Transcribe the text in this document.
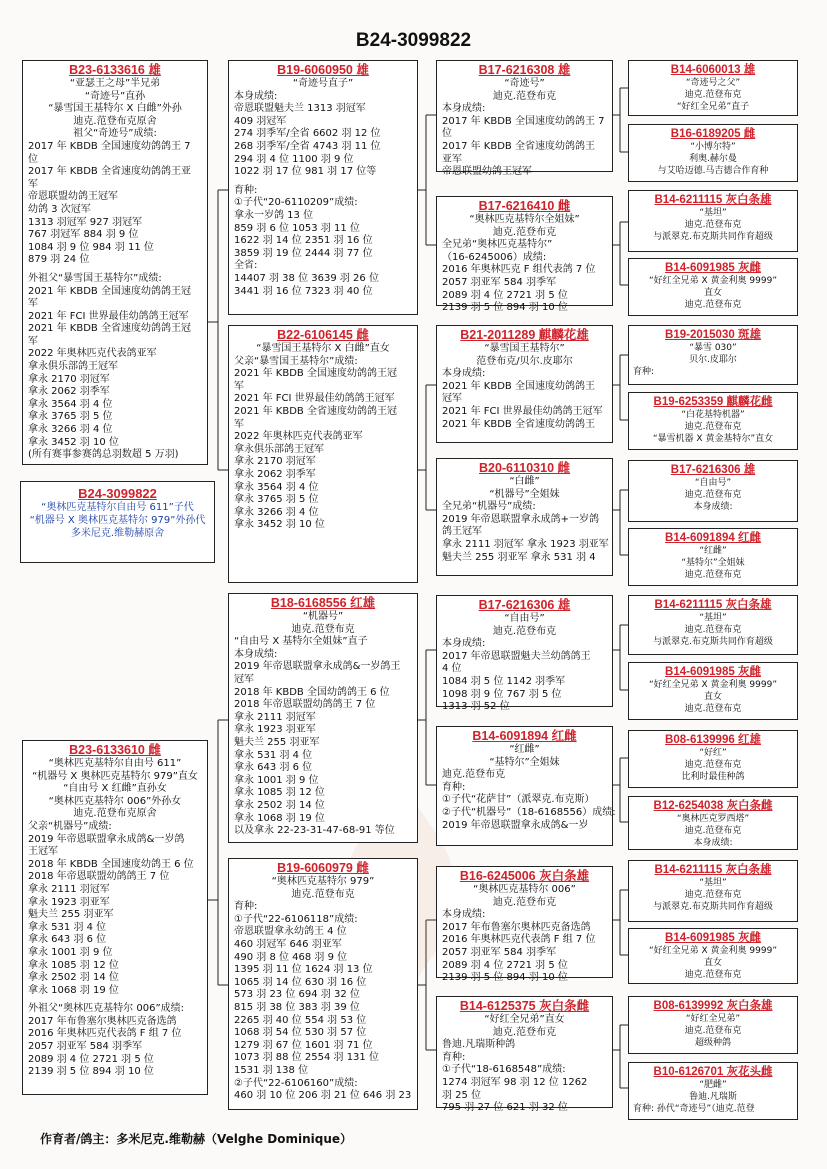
B24-3099822
B24-3099822
“奥林匹克基特尔自由号 611”子代
“机器号 X 奥林匹克基特尔 979”外孙代
多米尼克.维勒赫原舍
B23-6133616 雄
“亚瑟王之母”半兄弟
“奇迹号”直孙
“暴雪国王基特尔 X 白雌”外孙
迪克.范登布克原舍
祖父“奇迹号”成绩:
2017 年 KBDB 全国速度幼鸽鸽王 7
位
2017 年 KBDB 全省速度幼鸽鸽王亚
军
帝恩联盟幼鸽王冠军
幼鸽 3 次冠军
1313 羽冠军 927 羽冠军
767 羽冠军 884 羽 9 位
1084 羽 9 位 984 羽 11 位
879 羽 24 位
外祖父“暴雪国王基特尔”成绩:
2021 年 KBDB 全国速度幼鸽鸽王冠
军
2021 年 FCI 世界最佳幼鸽鸽王冠军
2021 年 KBDB 全省速度幼鸽鸽王冠
军
2022 年奥林匹克代表鸽亚军
拿永俱乐部鸽王冠军
拿永 2170 羽冠军
拿永 2062 羽季军
拿永 3564 羽 4 位
拿永 3765 羽 5 位
拿永 3266 羽 4 位
拿永 3452 羽 10 位
(所有赛事参赛鸽总羽数超 5 万羽)
B23-6133610 雌
“奥林匹克基特尔自由号 611”
“机器号 X 奥林匹克基特尔 979”直女
“自由号 X 红雌”直孙女
“奥林匹克基特尔 006”外孙女
迪克.范登布克原舍
父亲“机器号”成绩:
2019 年帝恩联盟拿永成鸽&一岁鸽
王冠军
2018 年 KBDB 全国速度幼鸽王 6 位
2018 年帝恩联盟幼鸽鸽王 7 位
拿永 2111 羽冠军
拿永 1923 羽亚军
魁夫兰 255 羽亚军
拿永 531 羽 4 位
拿永 643 羽 6 位
拿永 1001 羽 9 位
拿永 1085 羽 12 位
拿永 2502 羽 14 位
拿永 1068 羽 19 位
外祖父“奥林匹克基特尔 006”成绩:
2017 年布鲁塞尔奥林匹克备选鸽
2016 年奥林匹克代表鸽 F 组 7 位
2057 羽亚军 584 羽季军
2089 羽 4 位 2721 羽 5 位
2139 羽 5 位 894 羽 10 位
B19-6060950 雄
“奇迹号直子”
本身成绩:
帝恩联盟魁夫兰 1313 羽冠军
409 羽冠军
274 羽季军/全省 6602 羽 12 位
268 羽季军/全省 4743 羽 11 位
294 羽 4 位 1100 羽 9 位
1022 羽 17 位 981 羽 17 位等
育种:
①子代“20-6110209”成绩:
拿永一岁鸽 13 位
859 羽 6 位 1053 羽 11 位
1622 羽 14 位 2351 羽 16 位
3859 羽 19 位 2444 羽 77 位
全省:
14407 羽 38 位 3639 羽 26 位
3441 羽 16 位 7323 羽 40 位
B22-6106145 雌
“暴雪国王基特尔 X 白雌”直女
父亲“暴雪国王基特尔”成绩:
2021 年 KBDB 全国速度幼鸽鸽王冠
军
2021 年 FCI 世界最佳幼鸽鸽王冠军
2021 年 KBDB 全省速度幼鸽鸽王冠
军
2022 年奥林匹克代表鸽亚军
拿永俱乐部鸽王冠军
拿永 2170 羽冠军
拿永 2062 羽季军
拿永 3564 羽 4 位
拿永 3765 羽 5 位
拿永 3266 羽 4 位
拿永 3452 羽 10 位
B18-6168556 红雄
“机器号”
迪克.范登布克
“自由号 X 基特尔全姐妹”直子
本身成绩:
2019 年帝恩联盟拿永成鸽&一岁鸽王
冠军
2018 年 KBDB 全国幼鸽鸽王 6 位
2018 年帝恩联盟幼鸽鸽王 7 位
拿永 2111 羽冠军
拿永 1923 羽亚军
魁夫兰 255 羽亚军
拿永 531 羽 4 位
拿永 643 羽 6 位
拿永 1001 羽 9 位
拿永 1085 羽 12 位
拿永 2502 羽 14 位
拿永 1068 羽 19 位
以及拿永 22-23-31-47-68-91 等位
B19-6060979 雌
“奥林匹克基特尔 979”
迪克.范登布克
育种:
①子代“22-6106118”成绩:
帝恩联盟拿永幼鸽王 4 位
460 羽冠军 646 羽亚军
490 羽 8 位 468 羽 9 位
1395 羽 11 位 1624 羽 13 位
1065 羽 14 位 630 羽 16 位
573 羽 23 位 694 羽 32 位
815 羽 38 位 383 羽 39 位
2265 羽 40 位 554 羽 53 位
1068 羽 54 位 530 羽 57 位
1279 羽 67 位 1601 羽 71 位
1073 羽 88 位 2554 羽 131 位
1531 羽 138 位
②子代“22-6106160”成绩:
460 羽 10 位 206 羽 21 位 646 羽 23
B17-6216308 雄
“奇迹号”
迪克.范登布克
本身成绩:
2017 年 KBDB 全国速度幼鸽鸽王 7
位
2017 年 KBDB 全省速度幼鸽鸽王
亚军
帝恩联盟幼鸽王冠军
B17-6216410 雌
“奥林匹克基特尔全姐妹”
迪克.范登布克
全兄弟“奥林匹克基特尔”
（16-6245006）成绩:
2016 年奥林匹克 F 组代表鸽 7 位
2057 羽亚军 584 羽季军
2089 羽 4 位 2721 羽 5 位
2139 羽 5 位 894 羽 10 位
B21-2011289 麒麟花雄
“暴雪国王基特尔”
范登布克/贝尔.皮耶尔
本身成绩:
2021 年 KBDB 全国速度幼鸽鸽王
冠军
2021 年 FCI 世界最佳幼鸽鸽王冠军
2021 年 KBDB 全省速度幼鸽鸽王
B20-6110310 雌
“白雌”
“机器号”全姐妹
全兄弟“机器号”成绩:
2019 年帝恩联盟拿永成鸽+一岁鸽
鸽王冠军
拿永 2111 羽冠军 拿永 1923 羽亚军
魁夫兰 255 羽亚军 拿永 531 羽 4
B17-6216306 雄
“自由号”
迪克.范登布克
本身成绩:
2017 年帝恩联盟魁夫兰幼鸽鸽王
4 位
1084 羽 5 位 1142 羽季军
1098 羽 9 位 767 羽 5 位
1313 羽 52 位
B14-6091894 红雌
“红雌”
“基特尔”全姐妹
迪克.范登布克
育种:
①子代“花萨甘”（派翠克.布克斯）
②子代“机器号”（18-6168556）成绩:
2019 年帝恩联盟拿永成鸽&一岁
B16-6245006 灰白条雄
“奥林匹克基特尔 006”
迪克.范登布克
本身成绩:
2017 年布鲁塞尔奥林匹克备选鸽
2016 年奥林匹克代表鸽 F 组 7 位
2057 羽亚军 584 羽季军
2089 羽 4 位 2721 羽 5 位
2139 羽 5 位 894 羽 10 位
B14-6125375 灰白条雌
“好红全兄弟”直女
迪克.范登布克
鲁迪.凡瑞斯种鸽
育种:
①子代“18-6168548”成绩:
1274 羽冠军 98 羽 12 位 1262
羽 25 位
795 羽 27 位 621 羽 32 位
B14-6060013 雄
“奇迹号之父”
迪克.范登布克
“好红全兄弟”直子
B16-6189205 雌
“小博尔特”
利奥.赫尔曼
与艾哈迈德.马吉德合作育种
B14-6211115 灰白条雄
“基坦”
迪克.范登布克
与派翠克.布克斯共同作育超级
B14-6091985 灰雌
“好红全兄弟 X 黄金利奥 9999”
直女
迪克.范登布克
B19-2015030 斑雄
“暴雪 030”
贝尔.皮耶尔
育种:
B19-6253359 麒麟花雌
“白花基特机器”
迪克.范登布克
“暴雪机器 X 黄金基特尔”直女
B17-6216306 雄
“自由号”
迪克.范登布克
本身成绩:
B14-6091894 红雌
“红雌”
“基特尔”全姐妹
迪克.范登布克
B14-6211115 灰白条雄
“基坦”
迪克.范登布克
与派翠克.布克斯共同作育超级
B14-6091985 灰雌
“好红全兄弟 X 黄金利奥 9999”
直女
迪克.范登布克
B08-6139996 红雄
“好红”
迪克.范登布克
比利时最佳种鸽
B12-6254038 灰白条雌
“奥林匹克罗西塔”
迪克.范登布克
本身成绩:
B14-6211115 灰白条雄
“基坦”
迪克.范登布克
与派翠克.布克斯共同作育超级
B14-6091985 灰雌
“好红全兄弟 X 黄金利奥 9999”
直女
迪克.范登布克
B08-6139992 灰白条雄
“好红全兄弟”
迪克.范登布克
超级种鸽
B10-6126701 灰花头雌
“肥雌”
鲁迪.凡瑞斯
育种: 孙代“奇迹号”（迪克.范登
作育者/鸽主：多米尼克.维勒赫（Velghe Dominique）
